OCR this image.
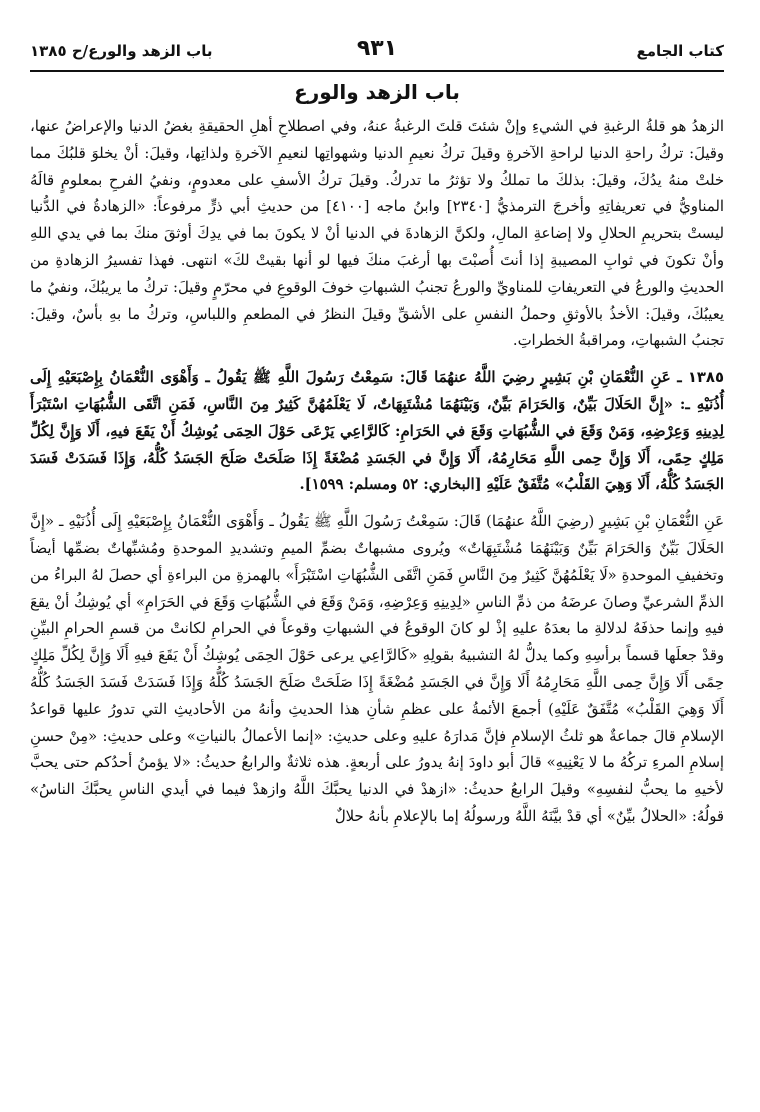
كتاب الجامع
٩٣١
باب الزهد والورع/ح ١٣٨٥
باب الزهد والورع

الزهدُ هو قلةُ الرغبةِ في الشيءِ وإنْ شئتَ قلتَ الرغبةُ عنهُ، وفي اصطلاحِ أهلِ الحقيقةِ بغضُ الدنيا والإعراضُ عنها، وقيلَ: تركُ راحةِ الدنيا لراحةِ الآخرةِ وقيلَ تركُ نعيمِ الدنيا وشهواتِها لنعيمِ الآخرةِ ولذاتِها، وقيلَ: أنْ يخلوَ قلبُكَ مما خلتْ منهُ يدُكَ، وقيلَ: بذلكَ ما تملكُ ولا تؤثرُ ما تدركُ. وقيلَ تركُ الأسفِ على معدومٍ، ونفيُ الفرحِ بمعلومٍ قالَهُ المناويُّ في تعريفاتِهِ وأخرجَ الترمذيُّ [٢٣٤٠] وابنُ ماجه [٤١٠٠] من حديثِ أبي ذرٍّ مرفوعاً: «الزهادةُ في الدُّنيا ليستْ بتحريمِ الحلالِ ولا إضاعةِ المالِ، ولكنَّ الزهادةَ في الدنيا أنْ لا يكونَ بما في يدِكَ أوثقَ منكَ بما في يدي اللهِ وأنْ تكونَ في ثوابِ المصيبةِ إذا أنتَ أُصبْتَ بها أرغبَ منكَ فيها لو أنها بقيتْ لكَ» انتهى. فهذا تفسيرُ الزهادةِ من الحديثِ والورعُ في التعريفاتِ للمناويِّ والورعُ تجنبُ الشبهاتِ خوفَ الوقوعِ في محرّمٍ وقيلَ: تركُ ما يريبُكَ، ونفيُ ما يعيبُكَ، وقيلَ: الأخذُ بالأوثقِ وحملُ النفسِ على الأشقِّ وقيلَ النظرُ في المطعمِ واللباسِ، وتركُ ما بهِ بأسٌ، وقيلَ: تجنبُ الشبهاتِ، ومراقبةُ الخطراتِ.

١٣٨٥ ـ عَنِ النُّعْمَانِ بْنِ بَشِيرٍ رضِيَ اللَّهُ عنهُمَا قَالَ: سَمِعْتُ رَسُولَ اللَّهِ ﷺ يَقُولُ ـ وَأَهْوَى النُّعْمَانُ بِإِصْبَعَيْهِ إِلَى أُذُنَيْهِ ـ: «إِنَّ الحَلَالَ بَيِّنٌ، وَالحَرَامَ بَيِّنٌ، وَبَيْنَهُمَا مُشْتَبِهَاتٌ، لَا يَعْلَمُهُنَّ كَثِيرٌ مِنَ النَّاسِ، فَمَنِ اتَّقَى الشُّبُهَاتِ اسْتَبْرَأَ لِدِينِهِ وَعِرْضِهِ، وَمَنْ وَقَعَ في الشُّبُهَاتِ وَقَعَ في الحَرَامِ: كَالرَّاعِي يَرْعَى حَوْلَ الحِمَى يُوشِكُ أَنْ يَقَعَ فيهِ، أَلَا وَإِنَّ لِكُلِّ مَلِكٍ حِمًى، أَلَا وَإِنَّ حِمى اللَّهِ مَحَارِمُهُ، أَلَا وَإِنَّ في الجَسَدِ مُضْغَةً إِذَا صَلَحَتْ صَلَحَ الجَسَدُ كُلُّهُ، وَإِذَا فَسَدَتْ فَسَدَ الجَسَدُ كُلُّهُ، أَلَا وَهِيَ القَلْبُ» مُتَّفَقٌ عَلَيْهِ [البخاري: ٥٢ ومسلم: ١٥٩٩].

عَنِ النُّعْمَانِ بْنِ بَشِيرٍ (رضِيَ اللَّهُ عنهُمَا) قَالَ: سَمِعْتُ رَسُولَ اللَّهِ ﷺ يَقُولُ ـ وَأَهْوَى النُّعْمَانُ بِإِصْبَعَيْهِ إِلَى أُذُنَيْهِ ـ «إِنَّ الحَلَالَ بَيِّنٌ وَالحَرَامَ بَيِّنٌ وَبَيْنَهُمَا مُشْتَبِهَاتٌ» ويُروى مشبهاتٌ بضمِّ الميمِ وتشديدِ الموحدةِ ومُشبِّهاتٌ بضمِّها أيضاً وتخفيفِ الموحدةِ «لَا يَعْلَمُهُنَّ كَثِيرٌ مِنَ النَّاسِ فَمَنِ اتَّقَى الشُّبُهَاتِ اسْتَبْرَأَ» بالهمزةِ من البراءةِ أي حصلَ لهُ البراءُ من الذمِّ الشرعيِّ وصانَ عرضَهُ من ذمِّ الناسِ «لِدِينِهِ وَعِرْضِهِ، وَمَنْ وَقَعَ في الشُّبُهَاتِ وَقَعَ في الحَرَامِ» أي يُوشِكُ أنْ يقعَ فيهِ وإنما حذفَهُ لدلالةِ ما بعدَهُ عليهِ إذْ لو كانَ الوقوعُ في الشبهاتِ وقوعاً في الحرامِ لكانتْ من قسمِ الحرامِ البيِّنِ وقدْ جعلَها قسماً برأسِهِ وكما يدلُّ لهُ التشبيهُ بقولِهِ «كَالرَّاعِي يرعى حَوْلَ الحِمَى يُوشِكُ أَنْ يَقَعَ فيهِ أَلَا وَإِنَّ لِكُلِّ مَلِكٍ حِمًى أَلَا وَإِنَّ حِمى اللَّهِ مَحَارِمُهُ أَلَا وَإِنَّ في الجَسَدِ مُضْغَةً إِذَا صَلَحَتْ صَلَحَ الجَسَدُ كُلُّهُ وَإِذَا فَسَدَتْ فَسَدَ الجَسَدُ كُلُّهُ أَلَا وَهِيَ القَلْبُ» مُتَّفَقٌ عَلَيْهِ) أجمعَ الأئمةُ على عظمِ شأنِ هذا الحديثِ وأنهُ من الأحاديثِ التي تدورُ عليها قواعدُ الإسلامِ قالَ جماعةٌ هو ثلثُ الإسلامِ فإنَّ مَدارَهُ عليهِ وعلى حديثِ: «إنما الأعمالُ بالنياتِ» وعلى حديثِ: «مِنْ حسنِ إسلامِ المرءِ تركُهُ ما لا يَعْنِيهِ» قالَ أبو داودَ إنهُ يدورُ على أربعةٍ. هذه ثلاثةٌ والرابعُ حديثُ: «لا يؤمنُ أحدُكم حتى يحبَّ لأخيهِ ما يحبُّ لنفسِهِ» وقيلَ الرابعُ حديثُ: «ازهدْ في الدنيا يحبَّكَ اللَّهُ وازهدْ فيما في أيدي الناسِ يحبَّكَ الناسُ» قولُهُ: «الحلالُ بيِّنٌ» أي قدْ بيَّنَهُ اللَّهُ ورسولُهُ إما بالإعلامِ بأنهُ حلالٌ
